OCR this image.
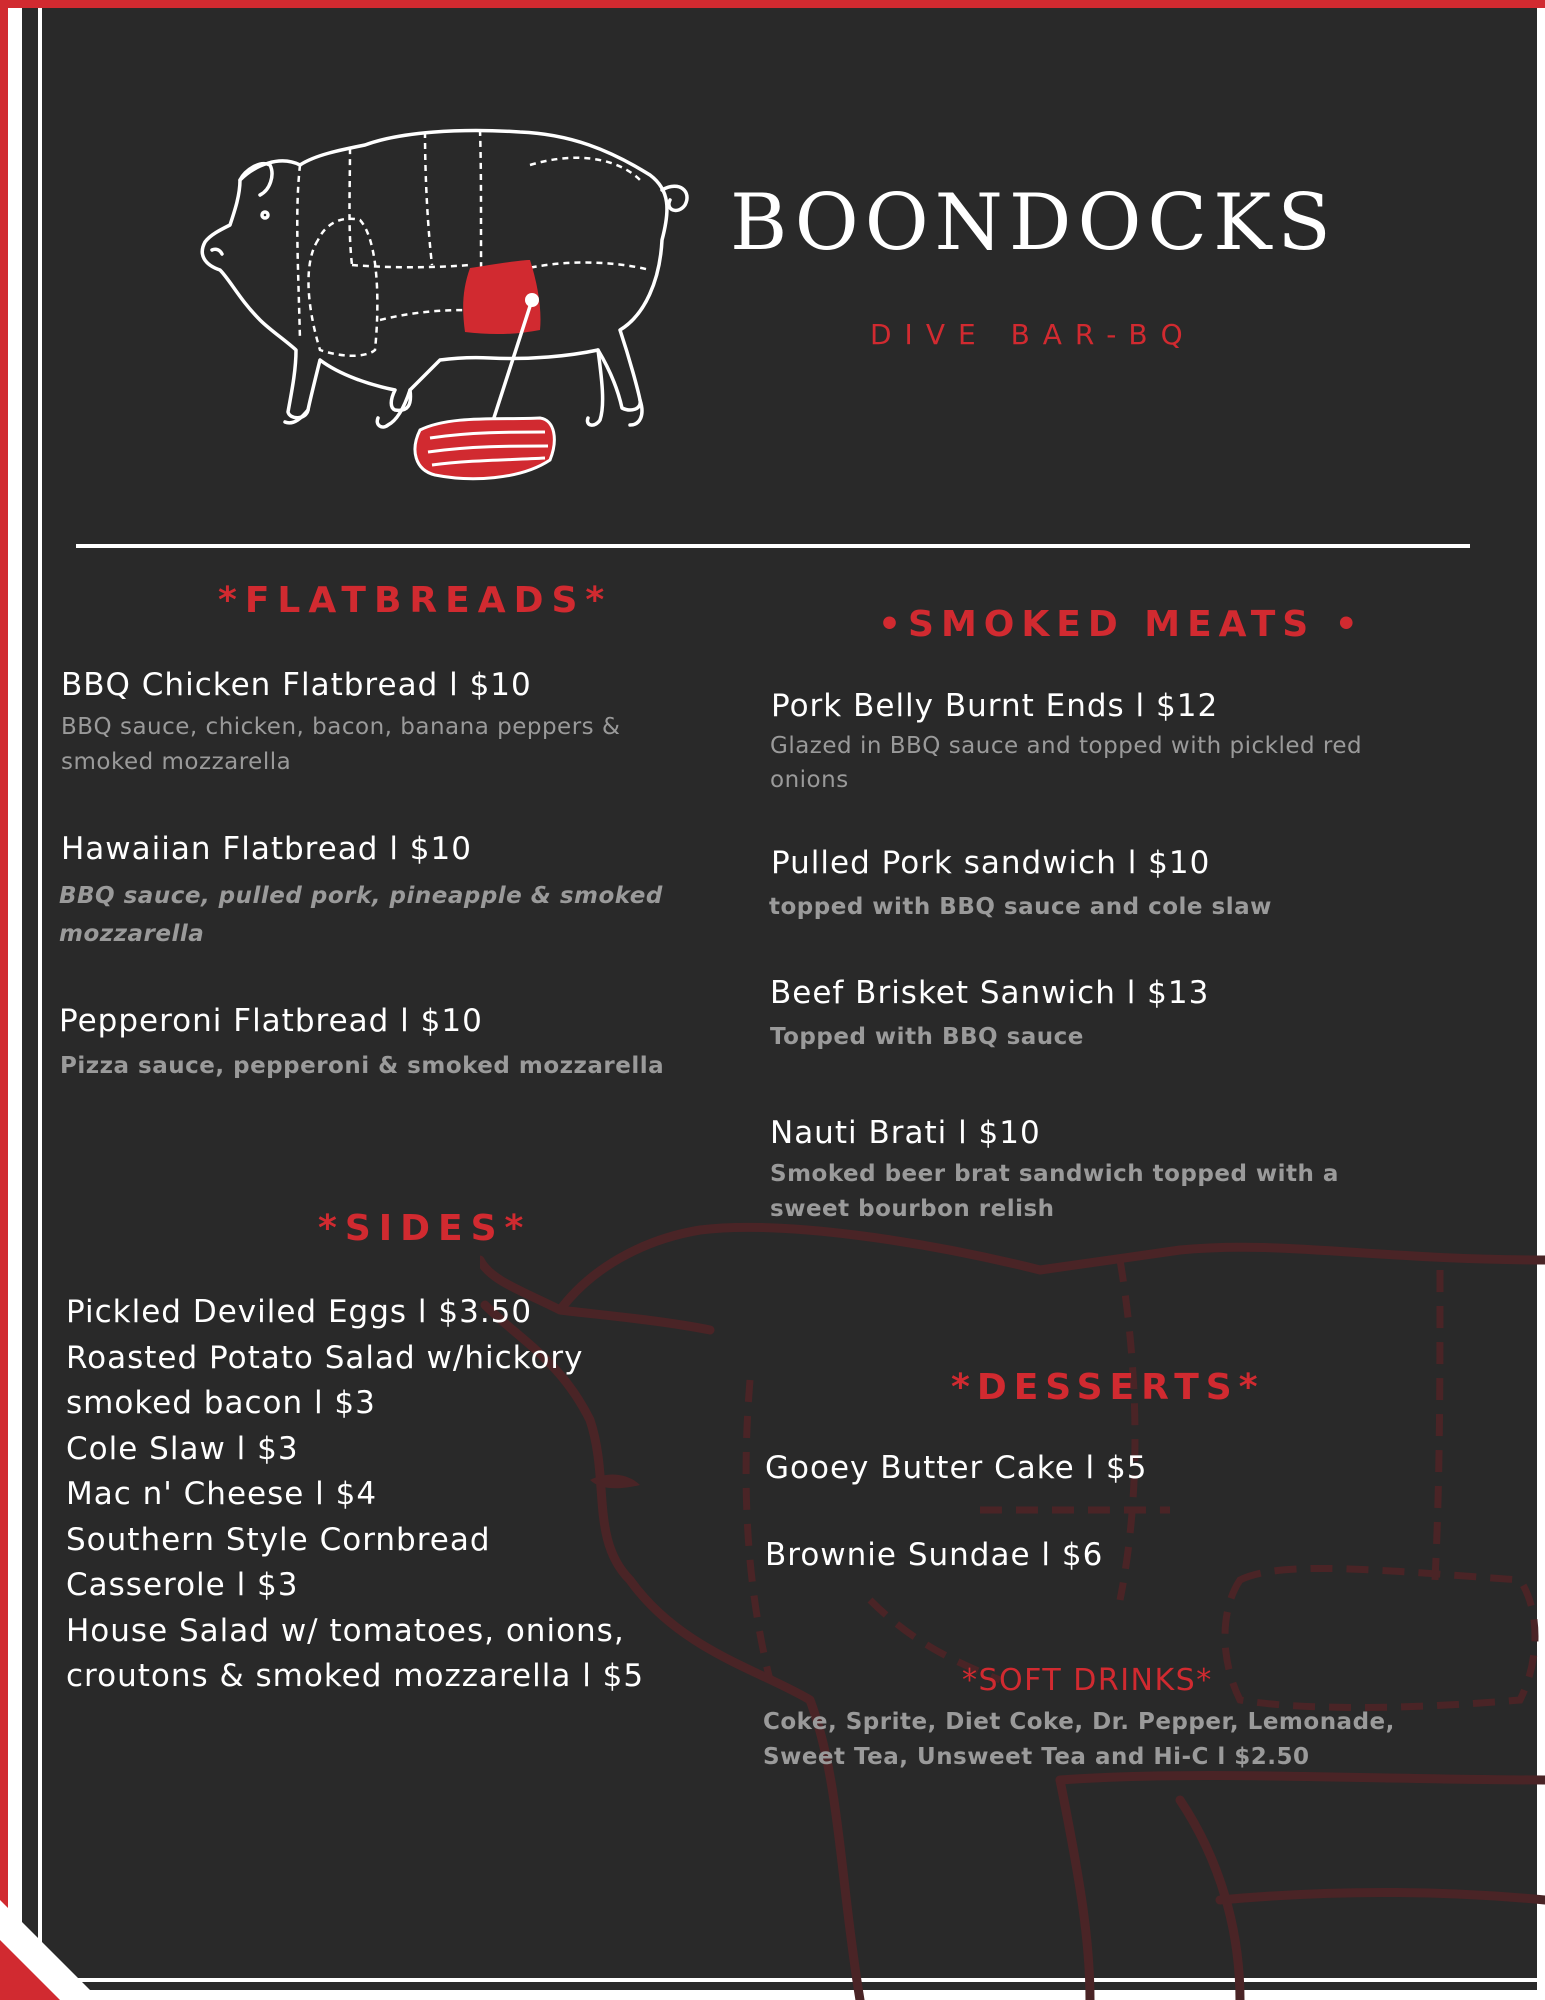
BOONDOCKS
DIVE BAR-BQ
*FLATBREADS*
BBQ Chicken Flatbread l $10
BBQ sauce, chicken, bacon, banana peppers & smoked mozzarella
Hawaiian Flatbread l $10
BBQ sauce, pulled pork, pineapple & smoked mozzarella
Pepperoni Flatbread l $10
Pizza sauce, pepperoni & smoked mozzarella
•SMOKED MEATS •
Pork Belly Burnt Ends l $12
Glazed in BBQ sauce and topped with pickled red onions
Pulled Pork sandwich l $10
topped with BBQ sauce and cole slaw
Beef Brisket Sanwich l $13
Topped with BBQ sauce
Nauti Brati l $10
Smoked beer brat sandwich topped with a sweet bourbon relish
*SIDES*
Pickled Deviled Eggs l $3.50
Roasted Potato Salad w/hickory
smoked bacon l $3
Cole Slaw l $3
Mac n' Cheese l $4
Southern Style Cornbread
Casserole l $3
House Salad w/ tomatoes, onions,
croutons & smoked mozzarella l $5
*DESSERTS*
Gooey Butter Cake l $5
Brownie Sundae l $6
*SOFT DRINKS*
Coke, Sprite, Diet Coke, Dr. Pepper, Lemonade, Sweet Tea, Unsweet Tea and Hi-C l $2.50
